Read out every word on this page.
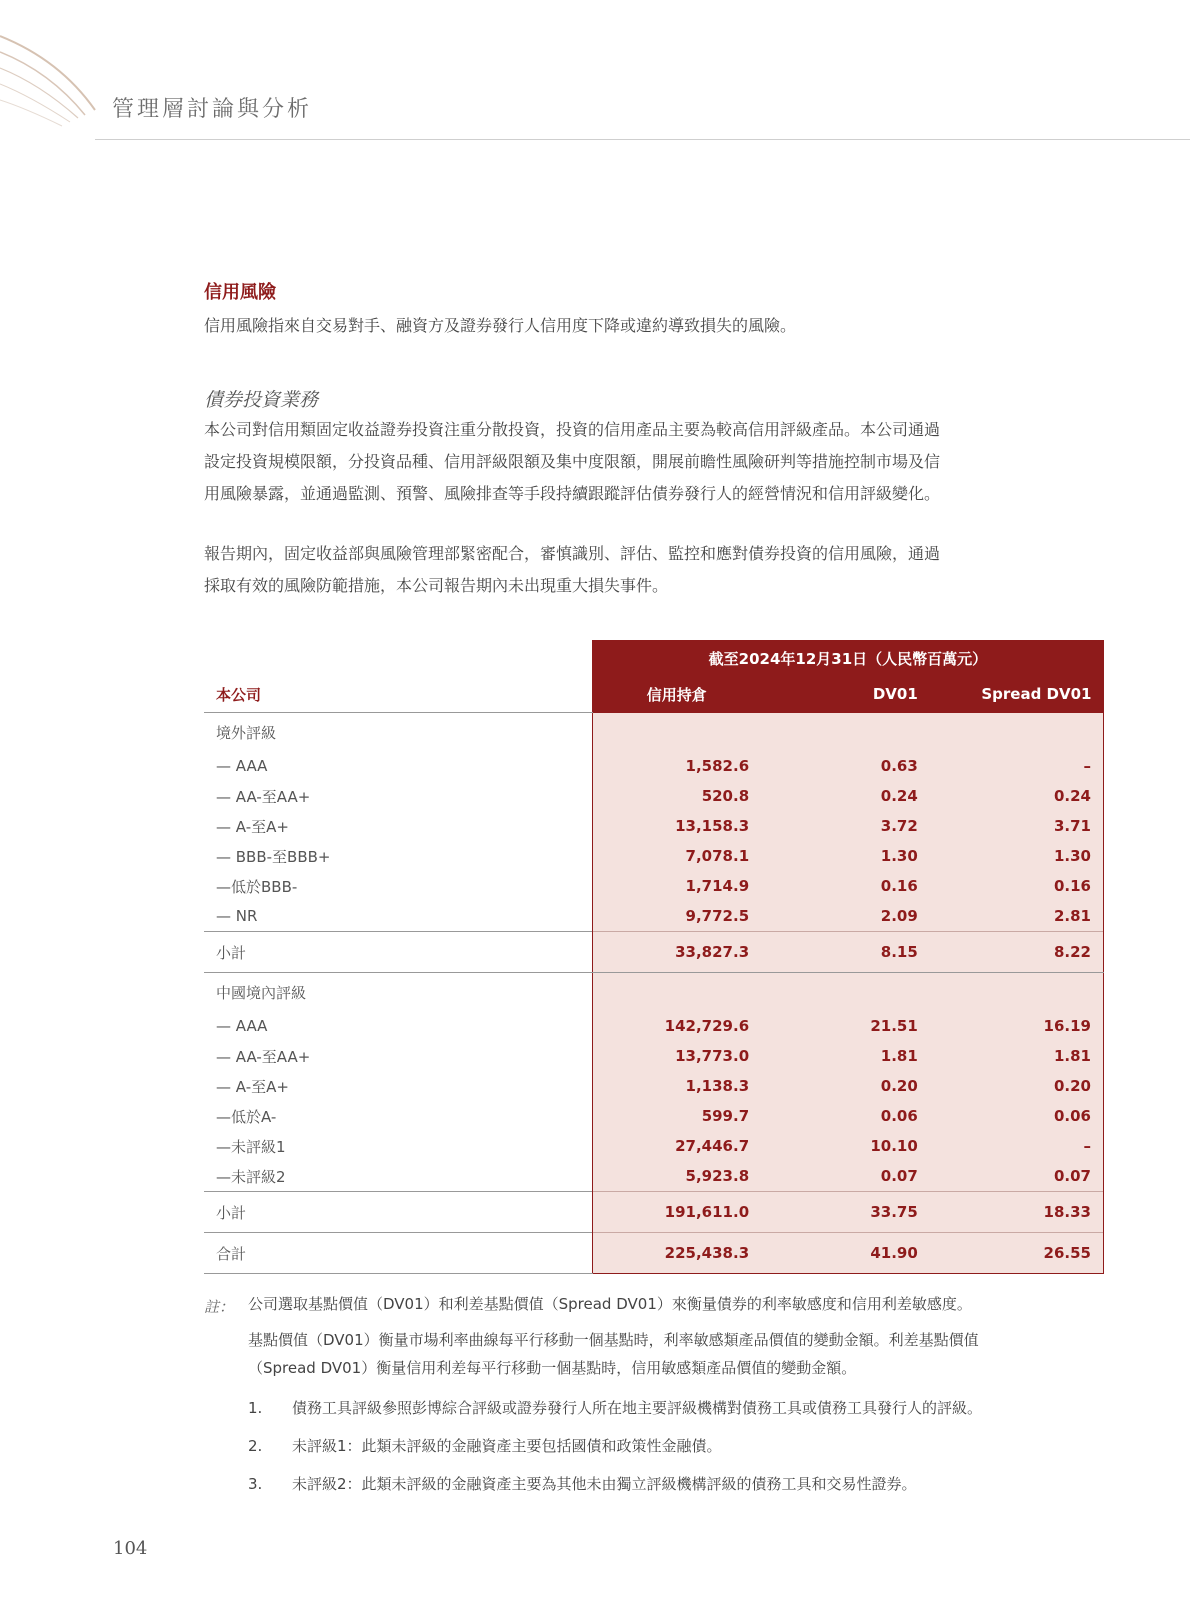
管理層討論與分析
信用風險
信用風險指來自交易對手、融資方及證券發行人信用度下降或違約導致損失的風險。
債券投資業務
本公司對信用類固定收益證券投資注重分散投資，投資的信用產品主要為較高信用評級產品。本公司通過
設定投資規模限額，分投資品種、信用評級限額及集中度限額，開展前瞻性風險研判等措施控制市場及信
用風險暴露，並通過監測、預警、風險排查等手段持續跟蹤評估債券發行人的經營情況和信用評級變化。
報告期內，固定收益部與風險管理部緊密配合，審慎識別、評估、監控和應對債券投資的信用風險，通過
採取有效的風險防範措施，本公司報告期內未出現重大損失事件。
	截至2024年12月31日（人民幣百萬元）		
本公司	信用持倉	DV01	Spread DV01
境外評級			
— AAA	1,582.6	0.63	–
— AA-至AA+	520.8	0.24	0.24
— A-至A+	13,158.3	3.72	3.71
— BBB-至BBB+	7,078.1	1.30	1.30
—低於BBB-	1,714.9	0.16	0.16
— NR	9,772.5	2.09	2.81
小計	33,827.3	8.15	8.22
中國境內評級			
— AAA	142,729.6	21.51	16.19
— AA-至AA+	13,773.0	1.81	1.81
— A-至A+	1,138.3	0.20	0.20
—低於A-	599.7	0.06	0.06
—未評級1	27,446.7	10.10	–
—未評級2	5,923.8	0.07	0.07
小計	191,611.0	33.75	18.33
合計	225,438.3	41.90	26.55
註： 公司選取基點價值（DV01）和利差基點價值（Spread DV01）來衡量債券的利率敏感度和信用利差敏感度。
基點價值（DV01）衡量市場利率曲線每平行移動一個基點時，利率敏感類產品價值的變動金額。利差基點價值
（Spread DV01）衡量信用利差每平行移動一個基點時，信用敏感類產品價值的變動金額。
1.	債務工具評級參照彭博綜合評級或證券發行人所在地主要評級機構對債務工具或債務工具發行人的評級。
2.	未評級1：此類未評級的金融資產主要包括國債和政策性金融債。
3.	未評級2：此類未評級的金融資產主要為其他未由獨立評級機構評級的債務工具和交易性證券。
104
